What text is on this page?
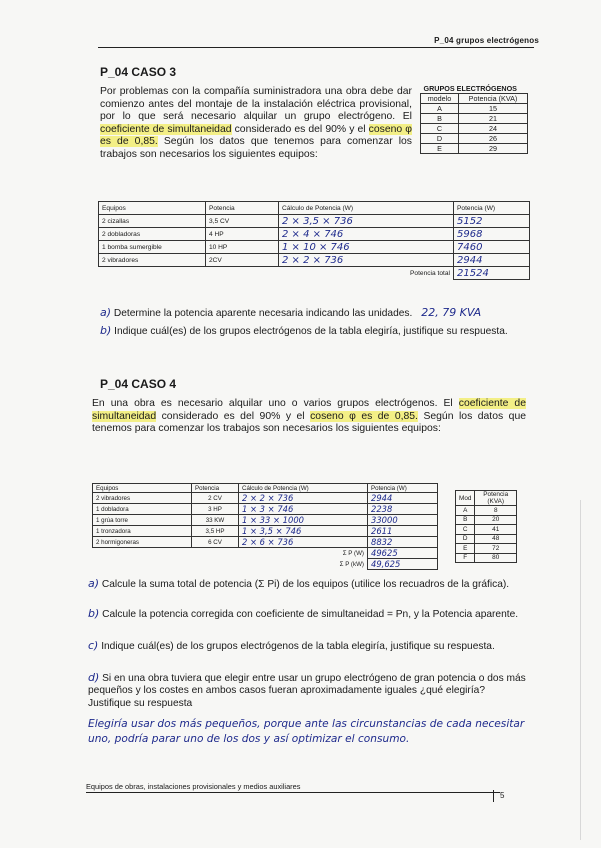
P_04 grupos electrógenos
P_04 CASO 3
Por problemas con la compañía suministradora una obra debe dar comienzo antes del montaje de la instalación eléctrica provisional, por lo que será necesario alquilar un grupo electrógeno. El coeficiente de simultaneidad considerado es del 90% y el coseno φ es de 0,85. Según los datos que tenemos para comenzar los trabajos son necesarios los siguientes equipos:
GRUPOS ELECTRÓGENOS	
modelo	Potencia (KVA)
A	15
B	21
C	24
D	26
E	29
Equipos	Potencia	Cálculo de Potencia (W)	Potencia (W)
2 cizallas	3,5 CV	2 × 3,5 × 736	5152
2 dobladoras	4 HP	2 × 4 × 746	5968
1 bomba sumergible	10 HP	1 × 10 × 746	7460
2 vibradores	2CV	2 × 2 × 736	2944
Potencia total			21524
a) Determine la potencia aparente necesaria indicando las unidades. 22, 79 KVA
b) Indique cuál(es) de los grupos electrógenos de la tabla elegiría, justifique su respuesta.
P_04 CASO 4
En una obra es necesario alquilar uno o varios grupos electrógenos. El coeficiente de simultaneidad considerado es del 90% y el coseno φ es de 0,85. Según los datos que tenemos para comenzar los trabajos son necesarios los siguientes equipos:
Equipos	Potencia	Cálculo de Potencia (W)	Potencia (W)
2 vibradores	2 CV	2 × 2 × 736	2944
1 dobladora	3 HP	1 × 3 × 746	2238
1 grúa torre	33 KW	1 × 33 × 1000	33000
1 tronzadora	3,5 HP	1 × 3,5 × 746	2611
2 hormigoneras	6 CV	2 × 6 × 736	8832
Σ P (W)			49625
Σ P (kW)			49,625
Mod	Potencia (KVA)
A	8
B	20
C	41
D	48
E	72
F	80
a) Calcule la suma total de potencia (Σ Pi) de los equipos (utilice los recuadros de la gráfica).
b) Calcule la potencia corregida con coeficiente de simultaneidad = Pn, y la Potencia aparente.
c) Indique cuál(es) de los grupos electrógenos de la tabla elegiría, justifique su respuesta.
d) Si en una obra tuviera que elegir entre usar un grupo electrógeno de gran potencia o dos más pequeños y los costes en ambos casos fueran aproximadamente iguales ¿qué elegiría? Justifique su respuesta
Elegiría usar dos más pequeños, porque ante las circunstancias de cada necesitar uno, podría parar uno de los dos y así optimizar el consumo.
Equipos de obras, instalaciones provisionales y medios auxiliares
5
